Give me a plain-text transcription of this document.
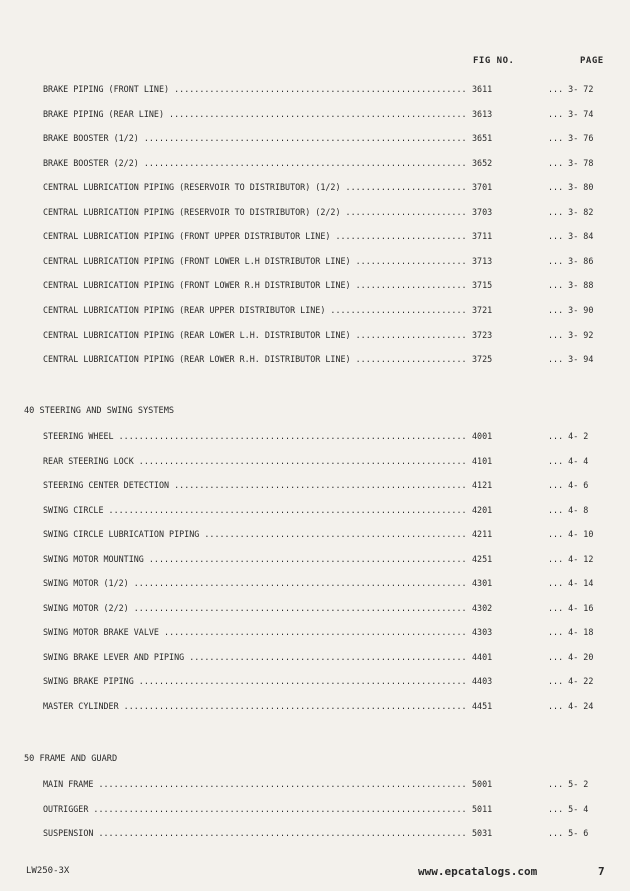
FIG NO.	PAGE
BRAKE PIPING (FRONT LINE) .....	3611	... 3- 72
BRAKE PIPING (REAR LINE) .....	3613	... 3- 74
BRAKE BOOSTER (1/2) .....	3651	... 3- 76
BRAKE BOOSTER (2/2) .....	3652	... 3- 78
CENTRAL LUBRICATION PIPING (RESERVOIR TO DISTRIBUTOR) (1/2) .....	3701	... 3- 80
CENTRAL LUBRICATION PIPING (RESERVOIR TO DISTRIBUTOR) (2/2) .....	3703	... 3- 82
CENTRAL LUBRICATION PIPING (FRONT UPPER DISTRIBUTOR LINE) .....	3711	... 3- 84
CENTRAL LUBRICATION PIPING (FRONT LOWER L.H DISTRIBUTOR LINE) .....	3713	... 3- 86
CENTRAL LUBRICATION PIPING (FRONT LOWER R.H DISTRIBUTOR LINE) .....	3715	... 3- 88
CENTRAL LUBRICATION PIPING (REAR UPPER DISTRIBUTOR LINE) .....	3721	... 3- 90
CENTRAL LUBRICATION PIPING (REAR LOWER L.H. DISTRIBUTOR LINE) .....	3723	... 3- 92
CENTRAL LUBRICATION PIPING (REAR LOWER R.H. DISTRIBUTOR LINE) .....	3725	... 3- 94
40 STEERING AND SWING SYSTEMS
STEERING WHEEL .....	4001	... 4- 2
REAR STEERING LOCK .....	4101	... 4- 4
STEERING CENTER DETECTION .....	4121	... 4- 6
SWING CIRCLE .....	4201	... 4- 8
SWING CIRCLE LUBRICATION PIPING .....	4211	... 4- 10
SWING MOTOR MOUNTING .....	4251	... 4- 12
SWING MOTOR (1/2) .....	4301	... 4- 14
SWING MOTOR (2/2) .....	4302	... 4- 16
SWING MOTOR BRAKE VALVE .....	4303	... 4- 18
SWING BRAKE LEVER AND PIPING .....	4401	... 4- 20
SWING BRAKE PIPING .....	4403	... 4- 22
MASTER CYLINDER .....	4451	... 4- 24
50 FRAME AND GUARD
MAIN FRAME .....	5001	... 5- 2
OUTRIGGER .....	5011	... 5- 4
SUSPENSION .....	5031	... 5- 6
LW250-3X	www.epcatalogs.com	7
